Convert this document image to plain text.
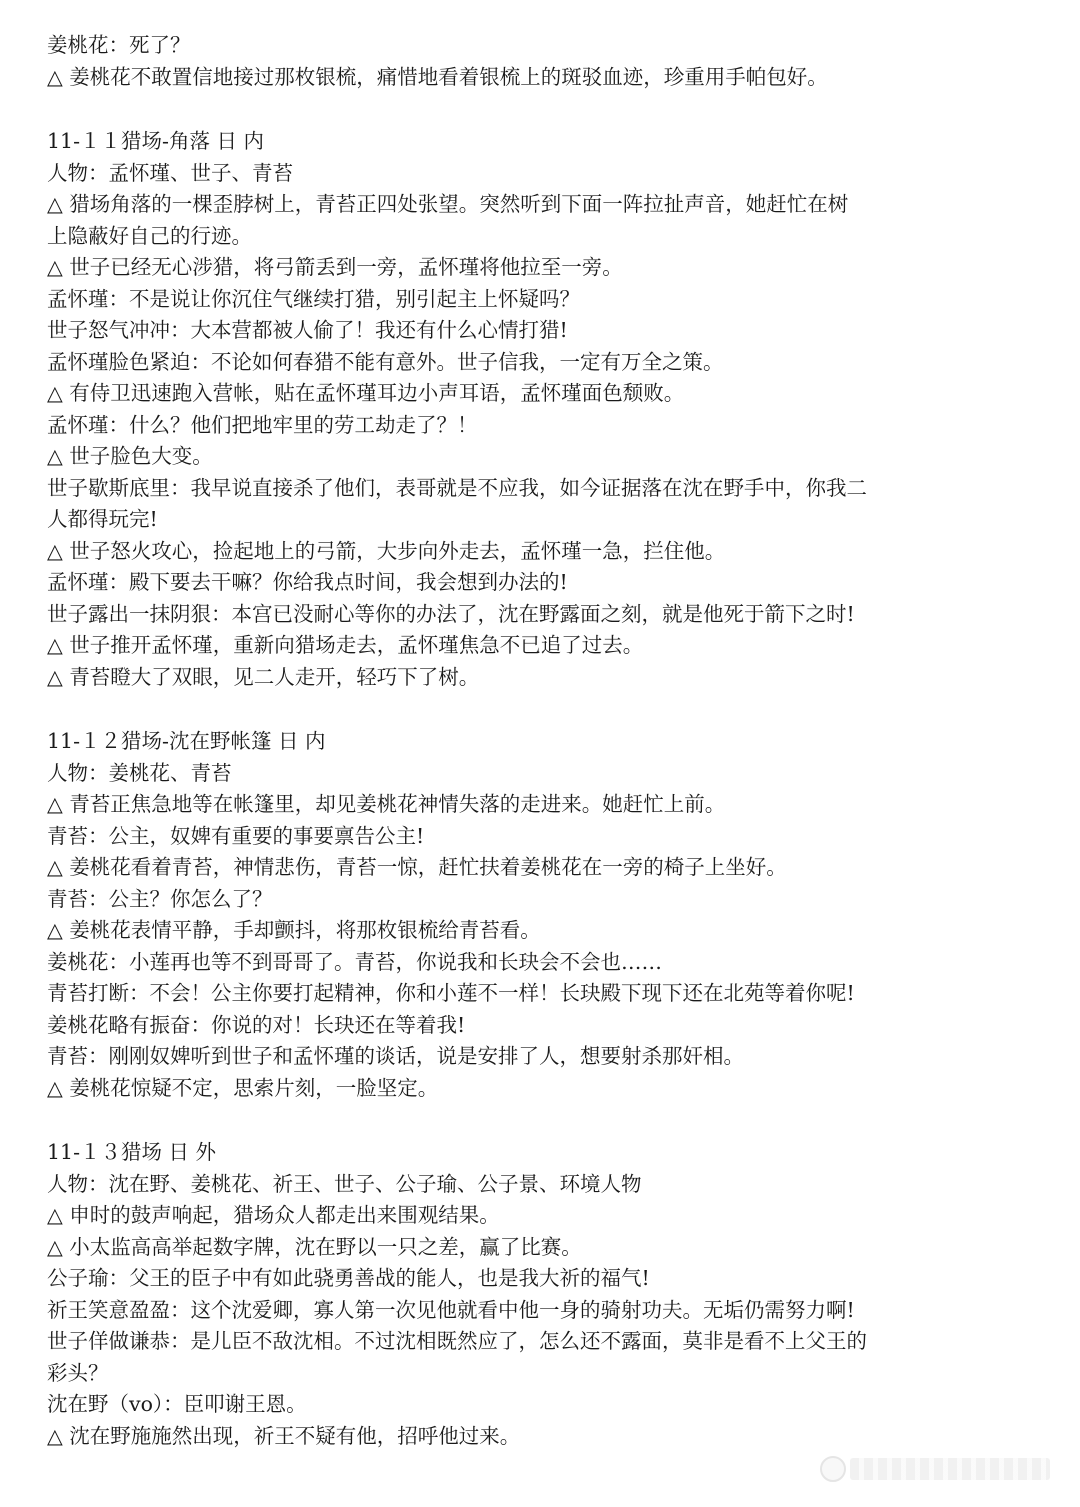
姜桃花：死了？
△ 姜桃花不敢置信地接过那枚银梳，痛惜地看着银梳上的斑驳血迹，珍重用手帕包好。
11-１１猎场-角落 日 内
人物：孟怀瑾、世子、青苔
△ 猎场角落的一棵歪脖树上，青苔正四处张望。突然听到下面一阵拉扯声音，她赶忙在树
上隐蔽好自己的行迹。
△ 世子已经无心涉猎，将弓箭丢到一旁，孟怀瑾将他拉至一旁。
孟怀瑾：不是说让你沉住气继续打猎，别引起主上怀疑吗？
世子怒气冲冲：大本营都被人偷了！我还有什么心情打猎!
孟怀瑾脸色紧迫：不论如何春猎不能有意外。世子信我，一定有万全之策。
△ 有侍卫迅速跑入营帐，贴在孟怀瑾耳边小声耳语，孟怀瑾面色颓败。
孟怀瑾：什么？他们把地牢里的劳工劫走了？！
△ 世子脸色大变。
世子歇斯底里：我早说直接杀了他们，表哥就是不应我，如今证据落在沈在野手中，你我二
人都得玩完!
△ 世子怒火攻心，捡起地上的弓箭，大步向外走去，孟怀瑾一急，拦住他。
孟怀瑾：殿下要去干嘛？你给我点时间，我会想到办法的!
世子露出一抹阴狠：本宫已没耐心等你的办法了，沈在野露面之刻，就是他死于箭下之时!
△ 世子推开孟怀瑾，重新向猎场走去，孟怀瑾焦急不已追了过去。
△ 青苔瞪大了双眼，见二人走开，轻巧下了树。
11-１２猎场-沈在野帐篷 日 内
人物：姜桃花、青苔
△ 青苔正焦急地等在帐篷里，却见姜桃花神情失落的走进来。她赶忙上前。
青苔：公主，奴婢有重要的事要禀告公主!
△ 姜桃花看着青苔，神情悲伤，青苔一惊，赶忙扶着姜桃花在一旁的椅子上坐好。
青苔：公主？你怎么了？
△ 姜桃花表情平静，手却颤抖，将那枚银梳给青苔看。
姜桃花：小莲再也等不到哥哥了。青苔，你说我和长玦会不会也……
青苔打断：不会！公主你要打起精神，你和小莲不一样！长玦殿下现下还在北苑等着你呢!
姜桃花略有振奋：你说的对！长玦还在等着我!
青苔：刚刚奴婢听到世子和孟怀瑾的谈话，说是安排了人，想要射杀那奸相。
△ 姜桃花惊疑不定，思索片刻，一脸坚定。
11-１３猎场 日 外
人物：沈在野、姜桃花、祈王、世子、公子瑜、公子景、环境人物
△ 申时的鼓声响起，猎场众人都走出来围观结果。
△ 小太监高高举起数字牌，沈在野以一只之差，赢了比赛。
公子瑜：父王的臣子中有如此骁勇善战的能人，也是我大祈的福气!
祈王笑意盈盈：这个沈爱卿，寡人第一次见他就看中他一身的骑射功夫。无垢仍需努力啊!
世子佯做谦恭：是儿臣不敌沈相。不过沈相既然应了，怎么还不露面，莫非是看不上父王的
彩头？
沈在野（vo）：臣叩谢王恩。
△ 沈在野施施然出现，祈王不疑有他，招呼他过来。
